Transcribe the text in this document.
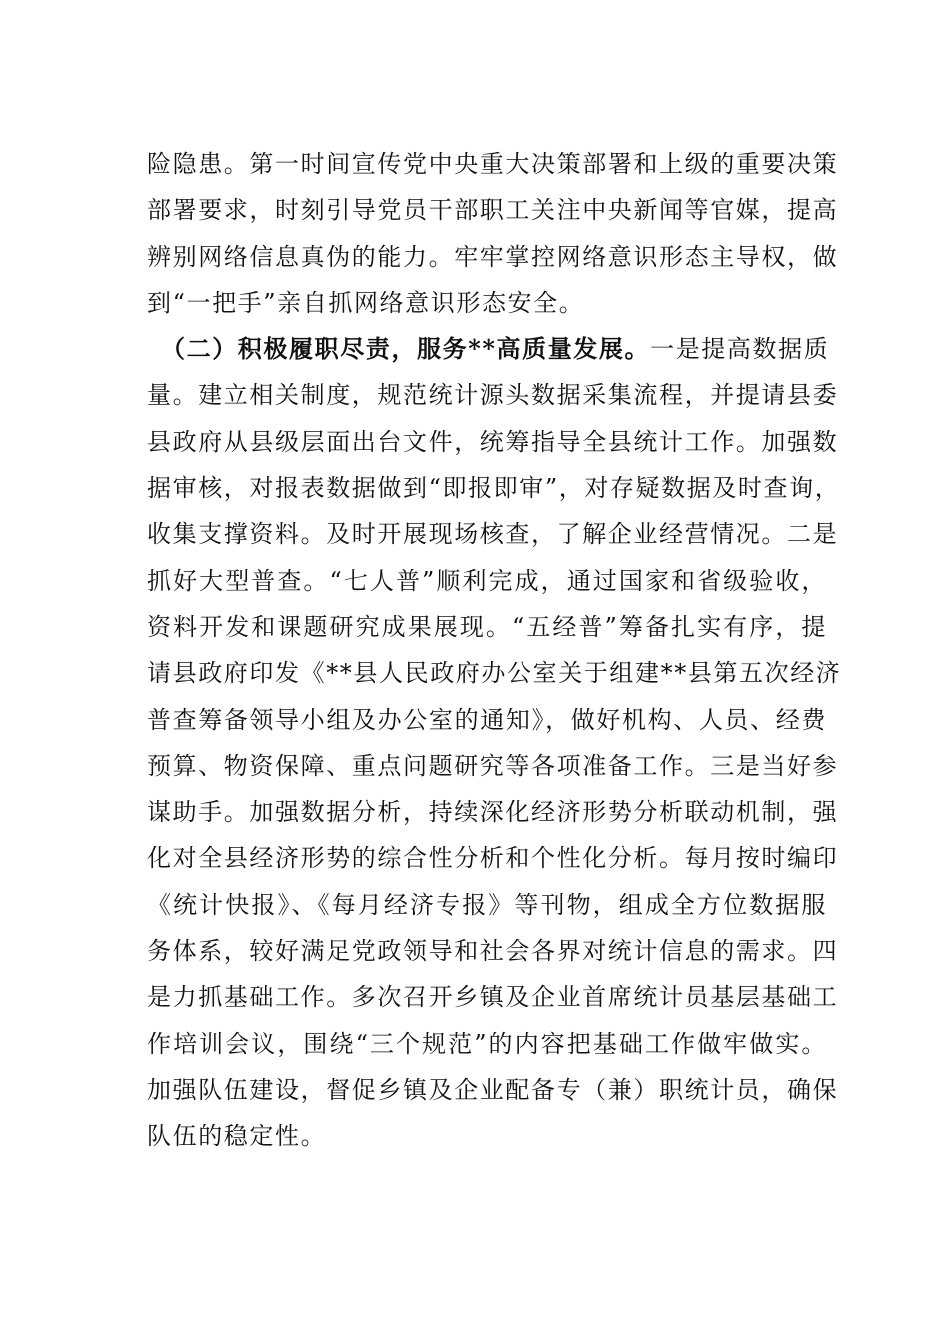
险隐患。第一时间宣传党中央重大决策部署和上级的重要决策
部署要求，时刻引导党员干部职工关注中央新闻等官媒，提高
辨别网络信息真伪的能力。牢牢掌控网络意识形态主导权，做
到“一把手”亲自抓网络意识形态安全。
（二）积极履职尽责，服务**高质量发展。一是提高数据质
量。建立相关制度，规范统计源头数据采集流程，并提请县委
县政府从县级层面出台文件，统筹指导全县统计工作。加强数
据审核，对报表数据做到“即报即审”，对存疑数据及时查询，
收集支撑资料。及时开展现场核查，了解企业经营情况。二是
抓好大型普查。“七人普”顺利完成，通过国家和省级验收，
资料开发和课题研究成果展现。“五经普”筹备扎实有序，提
请县政府印发《**县人民政府办公室关于组建**县第五次经济
普查筹备领导小组及办公室的通知》，做好机构、人员、经费
预算、物资保障、重点问题研究等各项准备工作。三是当好参
谋助手。加强数据分析，持续深化经济形势分析联动机制，强
化对全县经济形势的综合性分析和个性化分析。每月按时编印
《统计快报》、《每月经济专报》等刊物，组成全方位数据服
务体系，较好满足党政领导和社会各界对统计信息的需求。四
是力抓基础工作。多次召开乡镇及企业首席统计员基层基础工
作培训会议，围绕“三个规范”的内容把基础工作做牢做实。
加强队伍建设，督促乡镇及企业配备专（兼）职统计员，确保
队伍的稳定性。
